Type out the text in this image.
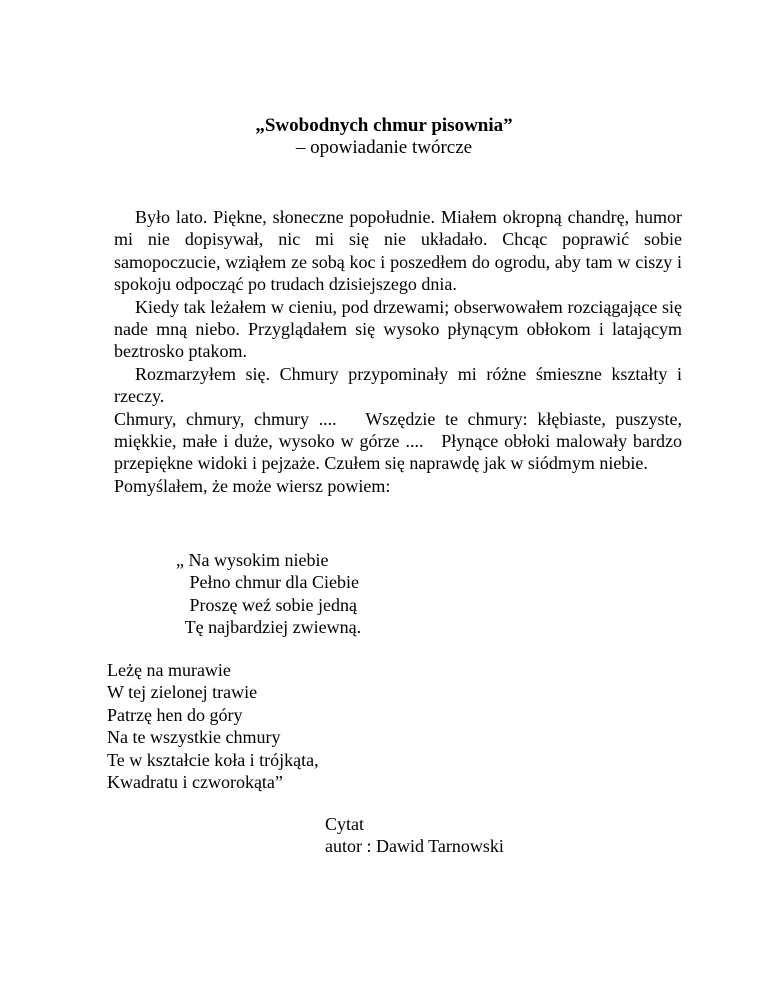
„Swobodnych chmur pisownia”
– opowiadanie twórcze

Było lato. Piękne, słoneczne popołudnie. Miałem okropną chandrę, humor mi nie dopisywał, nic mi się nie układało. Chcąc poprawić sobie samopoczucie, wziąłem ze sobą koc i poszedłem do ogrodu, aby tam w ciszy i spokoju odpocząć po trudach dzisiejszego dnia.

Kiedy tak leżałem w cieniu, pod drzewami; obserwowałem rozciągające się nade mną niebo. Przyglądałem się wysoko płynącym obłokom i latającym beztrosko ptakom.

Rozmarzyłem się. Chmury przypominały mi różne śmieszne kształty i rzeczy.

Chmury, chmury, chmury ....   Wszędzie te chmury: kłębiaste, puszyste, miękkie, małe i duże, wysoko w górze ....   Płynące obłoki malowały bardzo przepiękne widoki i pejzaże. Czułem się naprawdę jak w siódmym niebie.

Pomyślałem, że może wiersz powiem:

„ Na wysokim niebie
Pełno chmur dla Ciebie
Proszę weź sobie jedną
Tę najbardziej zwiewną.
Leżę na murawie
W tej zielonej trawie
Patrzę hen do góry
Na te wszystkie chmury
Te w kształcie koła i trójkąta,
Kwadratu i czworokąta”
Cytat
autor : Dawid Tarnowski
